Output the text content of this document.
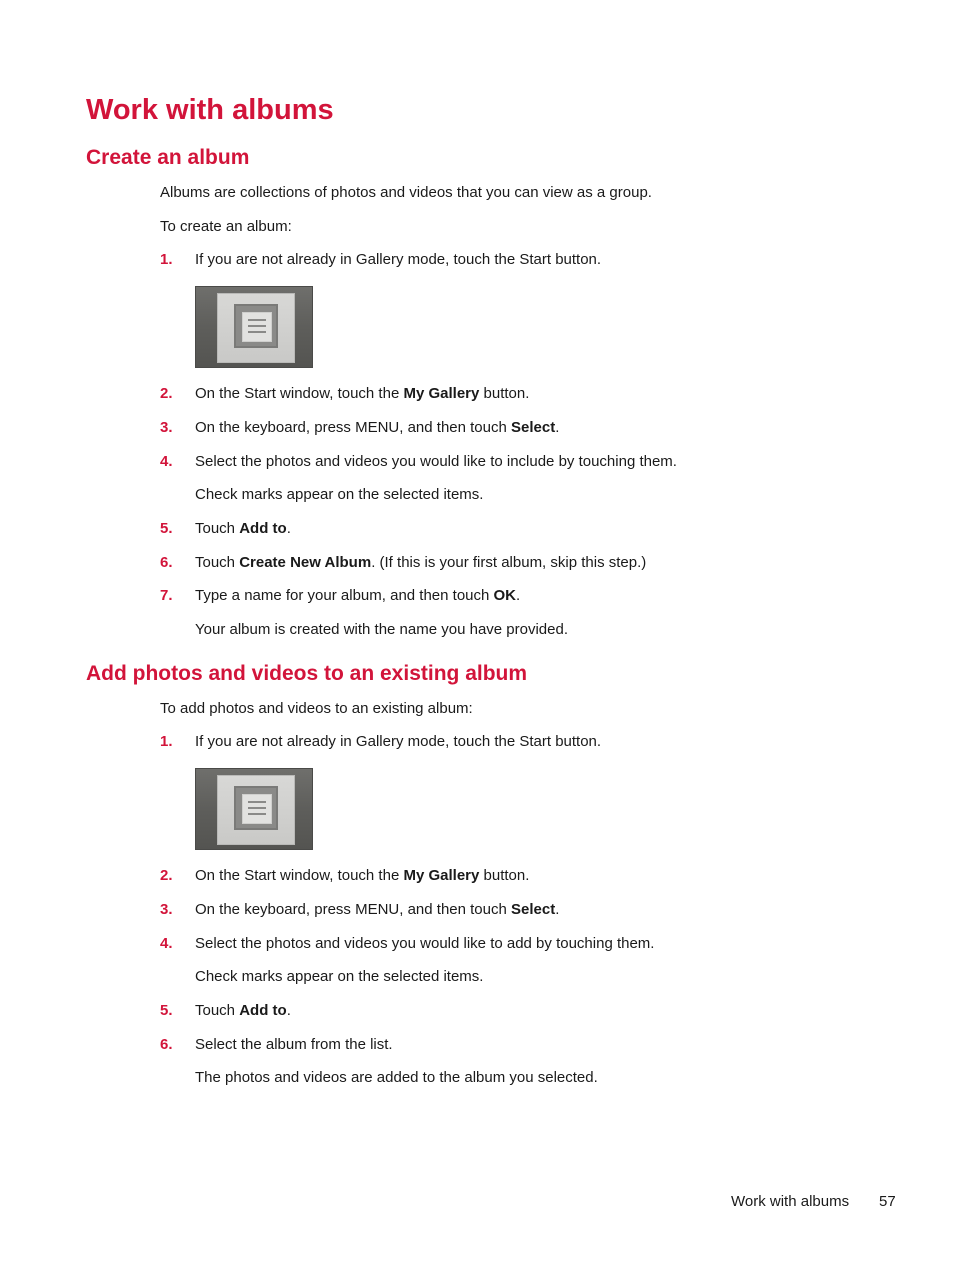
Work with albums
Create an album
Albums are collections of photos and videos that you can view as a group.
To create an album:
1. If you are not already in Gallery mode, touch the Start button.
2. On the Start window, touch the My Gallery button.
3. On the keyboard, press MENU, and then touch Select.
4. Select the photos and videos you would like to include by touching them.
Check marks appear on the selected items.
5. Touch Add to.
6. Touch Create New Album. (If this is your first album, skip this step.)
7. Type a name for your album, and then touch OK.
Your album is created with the name you have provided.
Add photos and videos to an existing album
To add photos and videos to an existing album:
1. If you are not already in Gallery mode, touch the Start button.
2. On the Start window, touch the My Gallery button.
3. On the keyboard, press MENU, and then touch Select.
4. Select the photos and videos you would like to add by touching them.
Check marks appear on the selected items.
5. Touch Add to.
6. Select the album from the list.
The photos and videos are added to the album you selected.
Work with albums 57
